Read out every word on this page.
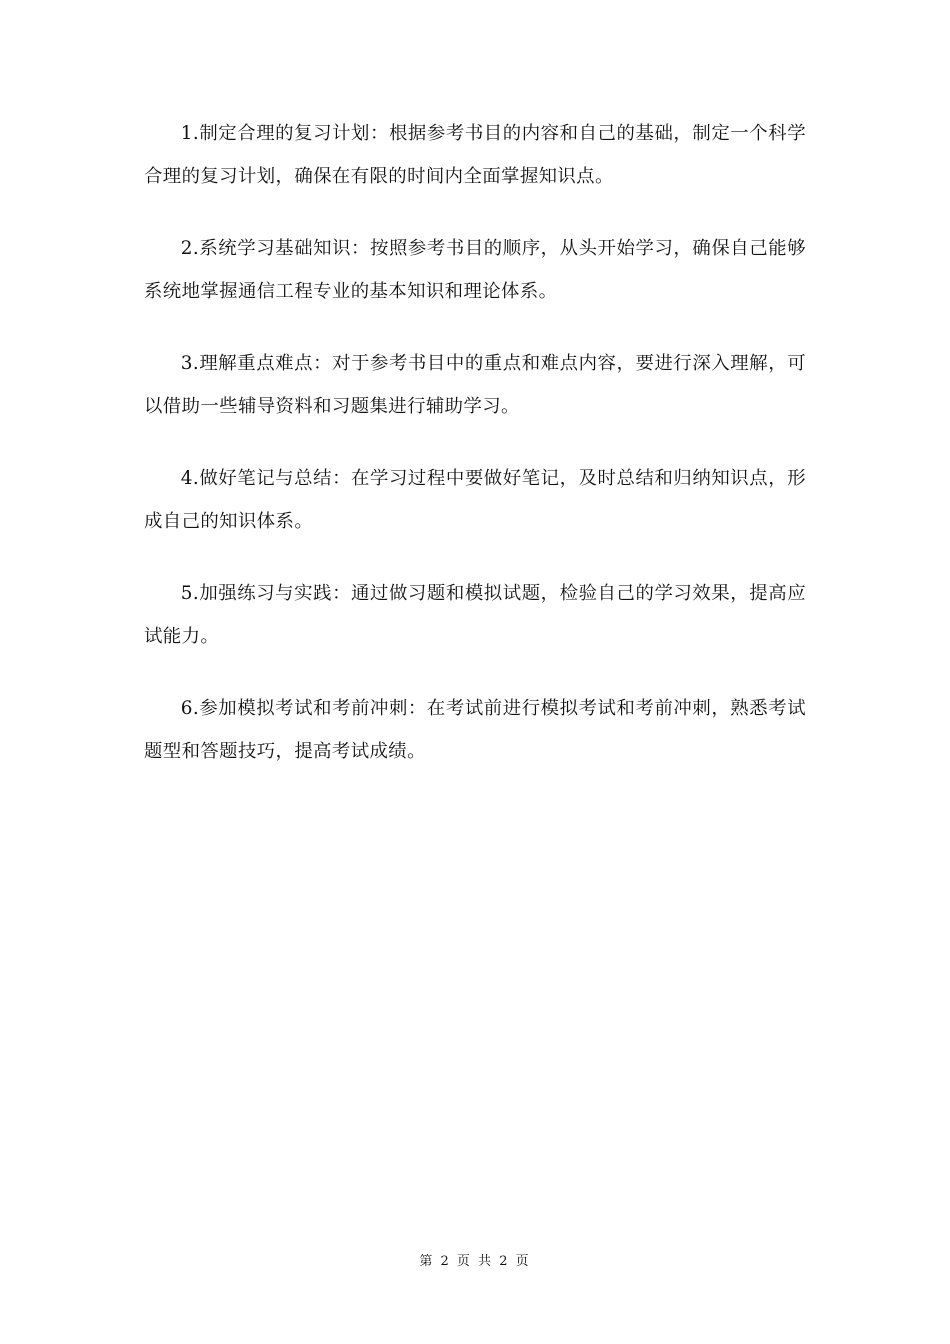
1.制定合理的复习计划：根据参考书目的内容和自己的基础，制定一个科学合理的复习计划，确保在有限的时间内全面掌握知识点。

2.系统学习基础知识：按照参考书目的顺序，从头开始学习，确保自己能够系统地掌握通信工程专业的基本知识和理论体系。

3.理解重点难点：对于参考书目中的重点和难点内容，要进行深入理解，可以借助一些辅导资料和习题集进行辅助学习。

4.做好笔记与总结：在学习过程中要做好笔记，及时总结和归纳知识点，形成自己的知识体系。

5.加强练习与实践：通过做习题和模拟试题，检验自己的学习效果，提高应试能力。

6.参加模拟考试和考前冲刺：在考试前进行模拟考试和考前冲刺，熟悉考试题型和答题技巧，提高考试成绩。

第 2 页 共 2 页
